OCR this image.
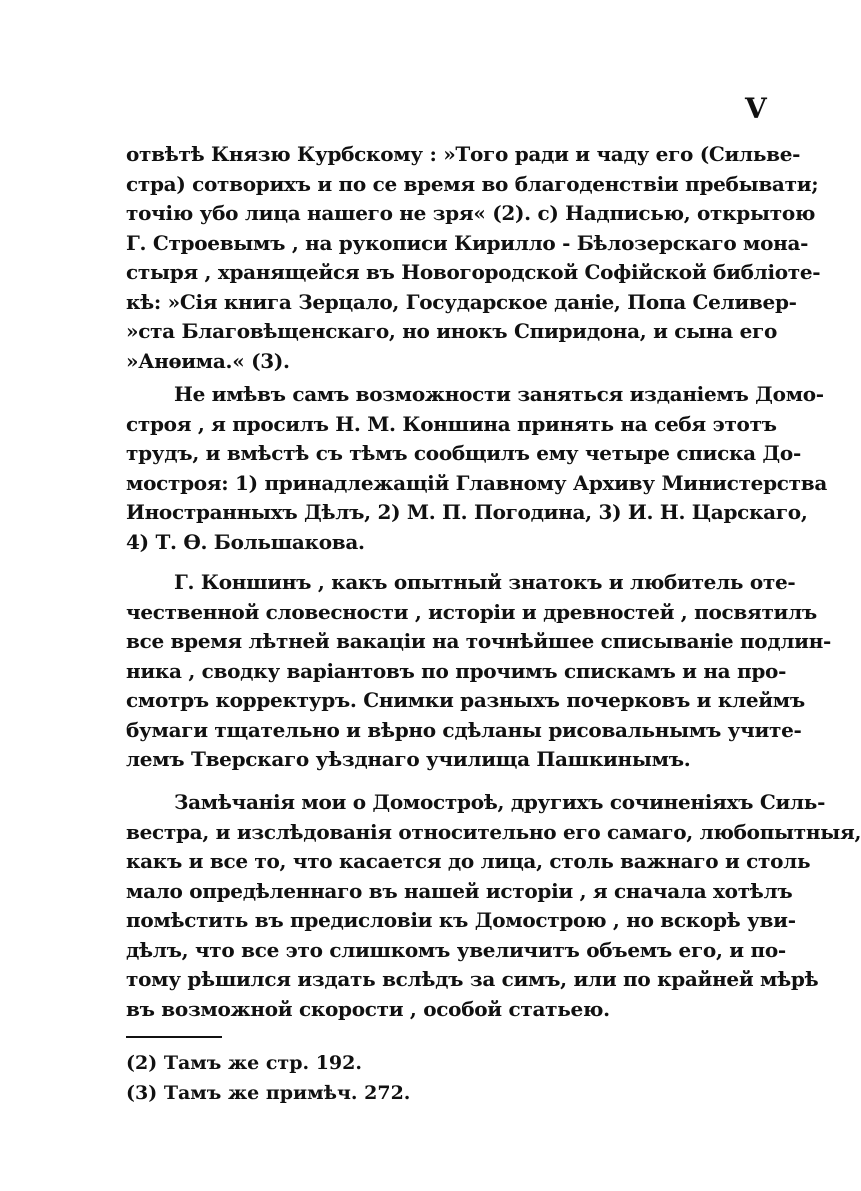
V
отвѣтѣ Князю Курбскому : »Того ради и чаду его (Сильве-
стра) сотворихъ и по се время во благоденствіи пребывати;
точію убо лица нашего не зря« (2). с) Надписью, открытою
Г. Строевымъ , на рукописи Кирилло - Бѣлозерскаго мона-
стыря , хранящейся въ Новогородской Софійской библіоте-
кѣ: »Сія книга Зерцало, Государское даніе, Попа Селивер-
»ста Благовѣщенскаго, но инокъ Спиридона, и сына его
»Анѳима.« (3).
Не имѣвъ самъ возможности заняться изданіемъ Домо-
строя , я просилъ Н. М. Коншина принять на себя этотъ
трудъ, и вмѣстѣ съ тѣмъ сообщилъ ему четыре списка До-
мостроя: 1) принадлежащій Главному Архиву Министерства
Иностранныхъ Дѣлъ, 2) М. П. Погодина, 3) И. Н. Царскаго,
4) Т. Ѳ. Большакова.
Г. Коншинъ , какъ опытный знатокъ и любитель оте-
чественной словесности , исторіи и древностей , посвятилъ
все время лѣтней вакаціи на точнѣйшее списываніе подлин-
ника , сводку варіантовъ по прочимъ спискамъ и на про-
смотръ корректуръ. Снимки разныхъ почерковъ и клеймъ
бумаги тщательно и вѣрно сдѣланы рисовальнымъ учите-
лемъ Тверскаго уѣзднаго училища Пашкинымъ.
Замѣчанія мои о Домостроѣ, другихъ сочиненіяхъ Силь-
вестра, и изслѣдованія относительно его самаго, любопытныя,
какъ и все то, что касается до лица, столь важнаго и столь
мало опредѣленнаго въ нашей исторіи , я сначала хотѣлъ
помѣстить въ предисловіи къ Домострою , но вскорѣ уви-
дѣлъ, что все это слишкомъ увеличитъ объемъ его, и по-
тому рѣшился издать вслѣдъ за симъ, или по крайней мѣрѣ
въ возможной скорости , особой статьею.
(2) Тамъ же стр. 192.
(3) Тамъ же примѣч. 272.
